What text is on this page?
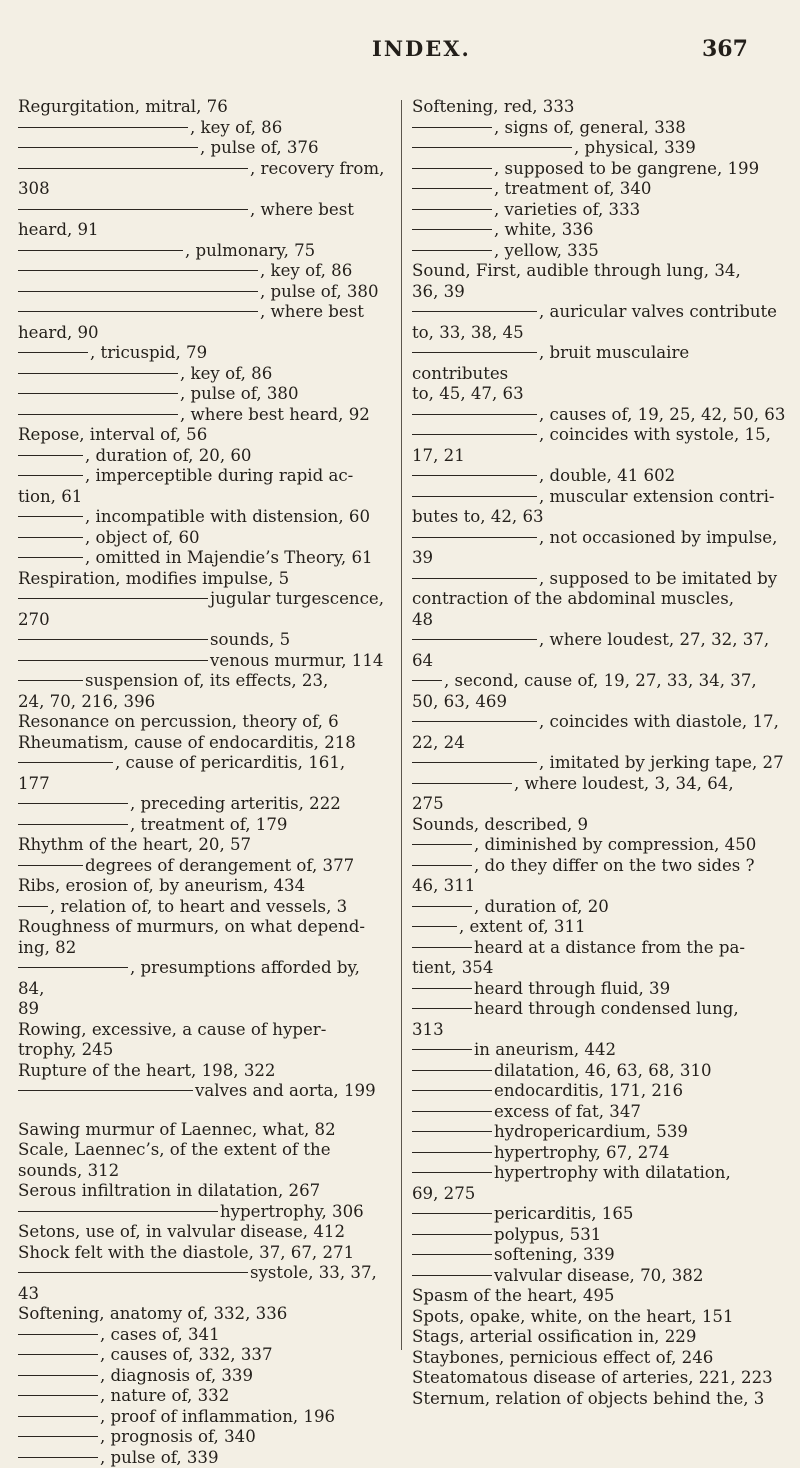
INDEX.	367
Regurgitation, mitral, 76
, key of, 86
, pulse of, 376
, recovery from, 308
, where best heard, 91
, pulmonary, 75
, key of, 86
, pulse of, 380
, where best heard, 90
, tricuspid, 79
, key of, 86
, pulse of, 380
, where best heard, 92
Repose, interval of, 56
, duration of, 20, 60
, imperceptible during rapid ac-
tion, 61
, incompatible with distension, 60
, object of, 60
, omitted in Majendie’s Theory, 61
Respiration, modifies impulse, 5
jugular turgescence,
270
sounds, 5
venous murmur, 114
suspension of, its effects, 23,
24, 70, 216, 396
Resonance on percussion, theory of, 6
Rheumatism, cause of endocarditis, 218
, cause of pericarditis, 161,
177
, preceding arteritis, 222
, treatment of, 179
Rhythm of the heart, 20, 57
degrees of derangement of, 377
Ribs, erosion of, by aneurism, 434
, relation of, to heart and vessels, 3
Roughness of murmurs, on what depend-
ing, 82
, presumptions afforded by, 84,
89
Rowing, excessive, a cause of hyper-
trophy, 245
Rupture of the heart, 198, 322
valves and aorta, 199
Sawing murmur of Laennec, what, 82
Scale, Laennec’s, of the extent of the
sounds, 312
Serous infiltration in dilatation, 267
hypertrophy, 306
Setons, use of, in valvular disease, 412
Shock felt with the diastole, 37, 67, 271
systole, 33, 37, 43
Softening, anatomy of, 332, 336
, cases of, 341
, causes of, 332, 337
, diagnosis of, 339
, nature of, 332
, proof of inflammation, 196
, prognosis of, 340
, pulse of, 339
Softening, red, 333
, signs of, general, 338
, physical, 339
, supposed to be gangrene, 199
, treatment of, 340
, varieties of, 333
, white, 336
, yellow, 335
Sound, First, audible through lung, 34,
36, 39
, auricular valves contribute
to, 33, 38, 45
, bruit musculaire contributes
to, 45, 47, 63
, causes of, 19, 25, 42, 50, 63
, coincides with systole, 15,
17, 21
, double, 41 602
, muscular extension contri-
butes to, 42, 63
, not occasioned by impulse,
39
, supposed to be imitated by
contraction of the abdominal muscles,
48
, where loudest, 27, 32, 37, 64
, second, cause of, 19, 27, 33, 34, 37,
50, 63, 469
, coincides with diastole, 17,
22, 24
, imitated by jerking tape, 27
, where loudest, 3, 34, 64,
275
Sounds, described, 9
, diminished by compression, 450
, do they differ on the two sides ?
46, 311
, duration of, 20
, extent of, 311
heard at a distance from the pa-
tient, 354
heard through fluid, 39
heard through condensed lung,
313
in aneurism, 442
dilatation, 46, 63, 68, 310
endocarditis, 171, 216
excess of fat, 347
hydropericardium, 539
hypertrophy, 67, 274
hypertrophy with dilatation,
69, 275
pericarditis, 165
polypus, 531
softening, 339
valvular disease, 70, 382
Spasm of the heart, 495
Spots, opake, white, on the heart, 151
Stags, arterial ossification in, 229
Staybones, pernicious effect of, 246
Steatomatous disease of arteries, 221, 223
Sternum, relation of objects behind the, 3
